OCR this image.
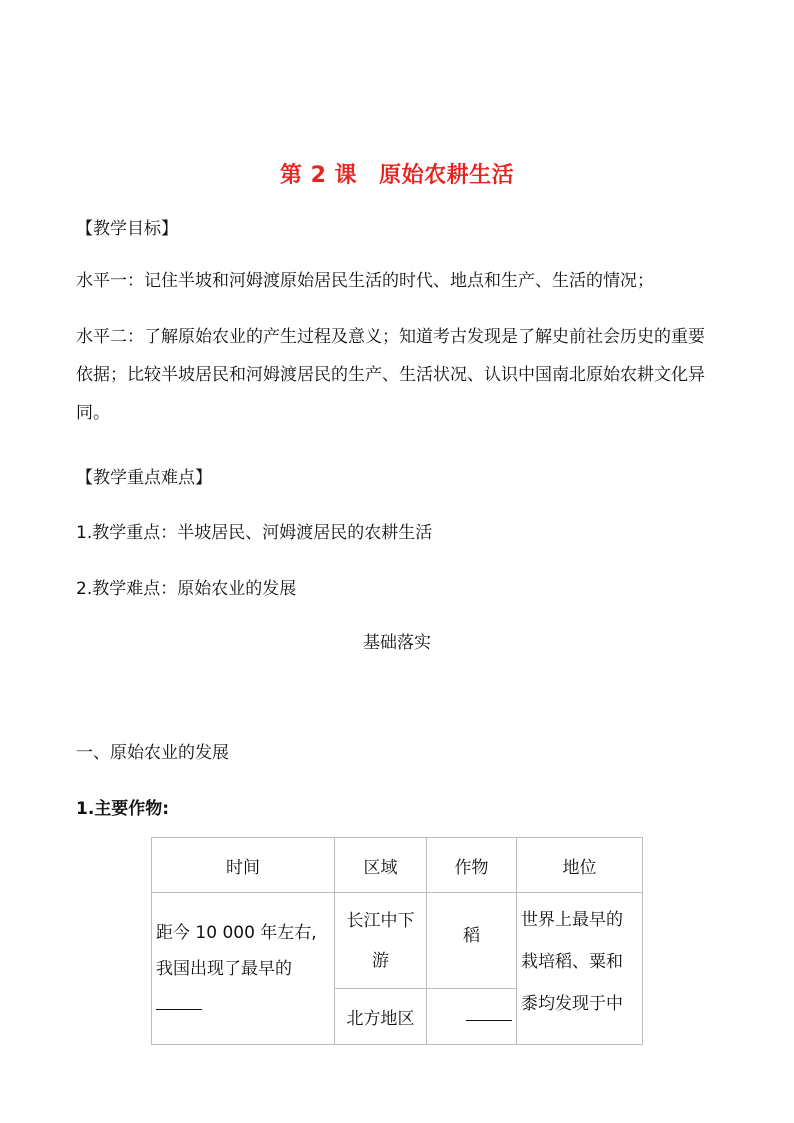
第 2 课 原始农耕生活
【教学目标】
水平一：记住半坡和河姆渡原始居民生活的时代、地点和生产、生活的情况；
水平二：了解原始农业的产生过程及意义；知道考古发现是了解史前社会历史的重要依据；比较半坡居民和河姆渡居民的生产、生活状况、认识中国南北原始农耕文化异同。
【教学重点难点】
1.教学重点：半坡居民、河姆渡居民的农耕生活
2.教学难点：原始农业的发展
基础落实
一、原始农业的发展
1.主要作物:
时间	区域	作物	地位
距今 10 000 年左右,我国出现了最早的	长江中下游	稻	世界上最早的栽培稻、粟和黍均发现于中
	北方地区		
